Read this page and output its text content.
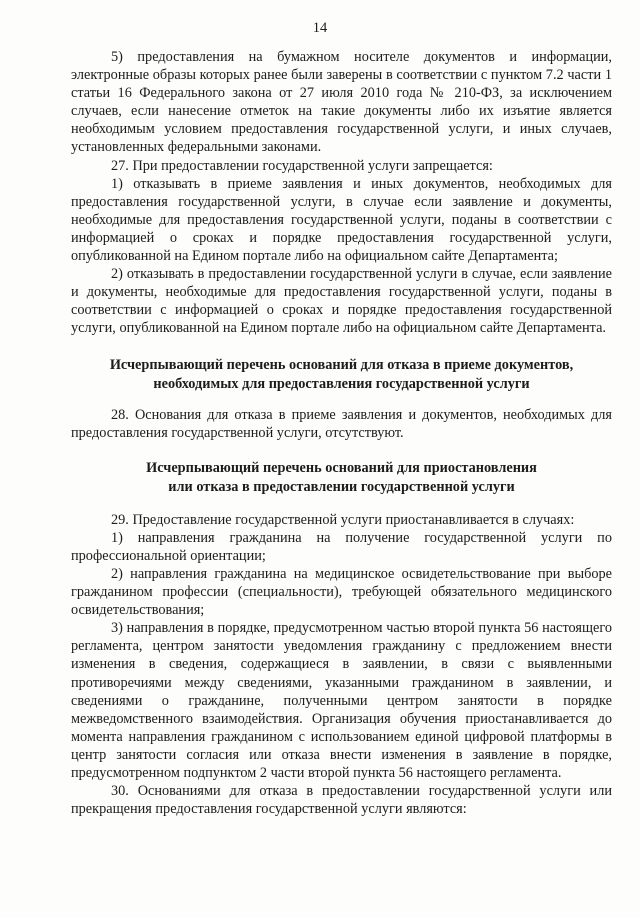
14

5) предоставления на бумажном носителе документов и информации, электронные образы которых ранее были заверены в соответствии с пунктом 7.2 части 1 статьи 16 Федерального закона от 27 июля 2010 года № 210-ФЗ, за исключением случаев, если нанесение отметок на такие документы либо их изъятие является необходимым условием предоставления государственной услуги, и иных случаев, установленных федеральными законами.

27. При предоставлении государственной услуги запрещается:

1) отказывать в приеме заявления и иных документов, необходимых для предоставления государственной услуги, в случае если заявление и документы, необходимые для предоставления государственной услуги, поданы в соответствии с информацией о сроках и порядке предоставления государственной услуги, опубликованной на Едином портале либо на официальном сайте Департамента;

2) отказывать в предоставлении государственной услуги в случае, если заявление и документы, необходимые для предоставления государственной услуги, поданы в соответствии с информацией о сроках и порядке предоставления государственной услуги, опубликованной на Едином портале либо на официальном сайте Департамента.

Исчерпывающий перечень оснований для отказа в приеме документов,
необходимых для предоставления государственной услуги

28. Основания для отказа в приеме заявления и документов, необходимых для предоставления государственной услуги, отсутствуют.

Исчерпывающий перечень оснований для приостановления
или отказа в предоставлении государственной услуги

29. Предоставление государственной услуги приостанавливается в случаях:

1) направления гражданина на получение государственной услуги по профессиональной ориентации;

2) направления гражданина на медицинское освидетельствование при выборе гражданином профессии (специальности), требующей обязательного медицинского освидетельствования;

3) направления в порядке, предусмотренном частью второй пункта 56 настоящего регламента, центром занятости уведомления гражданину с предложением внести изменения в сведения, содержащиеся в заявлении, в связи с выявленными противоречиями между сведениями, указанными гражданином в заявлении, и сведениями о гражданине, полученными центром занятости в порядке межведомственного взаимодействия. Организация обучения приостанавливается до момента направления гражданином с использованием единой цифровой платформы в центр занятости согласия или отказа внести изменения в заявление в порядке, предусмотренном подпунктом 2 части второй пункта 56 настоящего регламента.

30. Основаниями для отказа в предоставлении государственной услуги или прекращения предоставления государственной услуги являются:
